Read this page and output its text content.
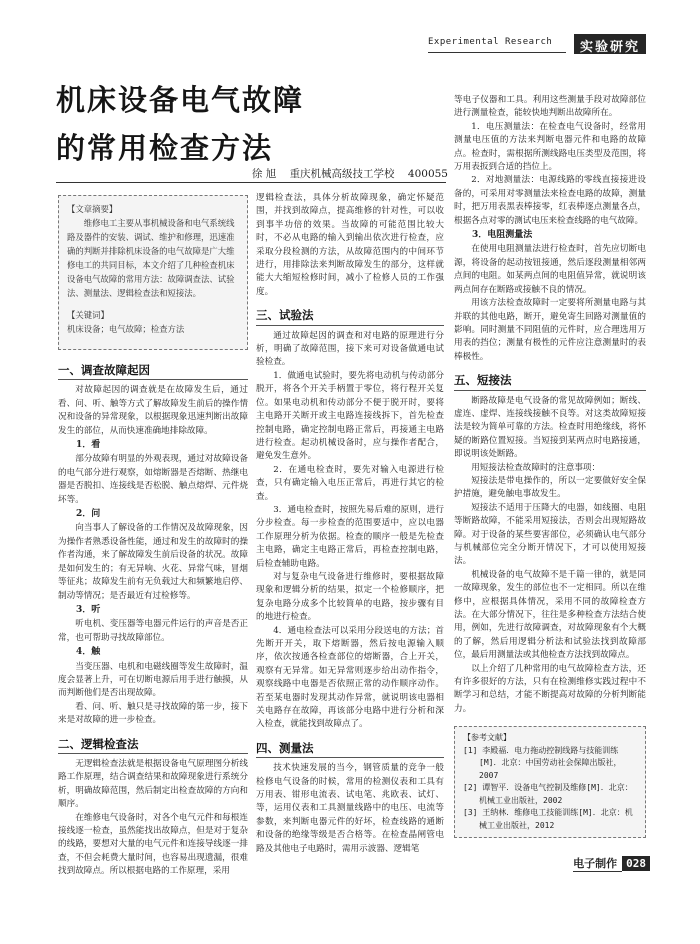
Experimental Research	实验研究
机床设备电气故障
的常用检查方法
徐 旭 重庆机械高级技工学校 400055
【文章摘要】

维修电工主要从事机械设备和电气系统线路及器件的安装、调试、维护和修理，迅速准确的判断并排除机床设备的电气故障是广大维修电工的共同目标，本文介绍了几种检查机床设备电气故障的常用方法：故障调查法、试验法、测量法、逻辑检查法和短接法。

【关键词】
机床设备；电气故障；检查方法
一、调查故障起因

对故障起因的调查就是在故障发生后，通过看、问、听、触等方式了解故障发生前后的操作情况和设备的异常现象，以根据现象迅速判断出故障发生的部位，从而快速准确地排除故障。

1．看

部分故障有明显的外观表现，通过对故障设备的电气部分进行观察，如熔断器是否熔断、热继电器是否脱扣、连接线是否松脱、触点熔焊、元件烧坏等。

2．问

向当事人了解设备的工作情况及故障现象，因为操作者熟悉设备性能，通过和发生的故障时的操作者沟通，来了解故障发生前后设备的状况。故障是如何发生的；有无异响、火花、异常气味，冒烟等征兆；故障发生前有无负载过大和频繁地启停、制动等情况；是否最近有过检修等。

3．听

听电机、变压器等电器元件运行的声音是否正常，也可帮助寻找故障部位。

4．触

当变压器、电机和电磁线圈等发生故障时，温度会显著上升，可在切断电源后用手进行触摸，从而判断他们是否出现故障。

看、问、听、触只是寻找故障的第一步，接下来是对故障的进一步检查。

二、逻辑检查法

无逻辑检查法就是根据设备电气原理图分析线路工作原理，结合调查结果和故障现象进行系统分析，明确故障范围，然后制定出检查故障的方向和顺序。

在维修电气设备时，对各个电气元件和每根连接线逐一检查，虽然能找出故障点，但是对于复杂的线路，要想对大量的电气元件和连接导线逐一排查，不但会耗费大量时间，也容易出现遗漏，很难找到故障点。所以根据电路的工作原理，采用

逻辑检查法，具体分析故障现象，确定怀疑范围，并找到故障点，提高维修的针对性，可以收到事半功倍的效果。当故障的可能范围比较大时，不必从电路的输入到输出依次进行检查，应采取分段检测的方法，从故障范围内的中间环节进行，用排除法来判断故障发生的部分，这样就能大大缩短检修时间，减小了检修人员的工作强度。

三、试验法

通过故障起因的调查和对电路的原理进行分析，明确了故障范围，接下来可对设备做通电试验检查。

1．做通电试验时，要先将电动机与传动部分脱开，将各个开关手柄置于零位，将行程开关复位。如果电动机和传动部分不便于脱开时，要将主电路开关断开或主电路连接线拆下，首先检查控制电路，确定控制电路正常后，再接通主电路进行检查。起动机械设备时，应与操作者配合，避免发生意外。

2．在通电检查时，要先对输入电源进行检查，只有确定输入电压正常后，再进行其它的检查。

3．通电检查时，按照先易后难的原则，进行分步检查。每一步检查的范围要适中，应以电器工作原理分析为依据。检查的顺序一般是先检查主电路，确定主电路正常后，再检查控制电路，后检查辅助电路。

对与复杂电气设备进行维修时，要根据故障现象和逻辑分析的结果，拟定一个检修顺序，把复杂电路分成多个比较简单的电路，按步骤有目的地进行检查。

4．通电检查法可以采用分段送电的方法；首先断开开关，取下熔断器，然后按电源输入顺序，依次按通各检查部位的熔断器，合上开关，观察有无异常。如无异常则逐步给出动作指令，观察线路中电器是否依照正常的动作顺序动作。若至某电器时发现其动作异常，就说明该电器相关电路存在故障，再该部分电路中进行分析和深入检查，就能找到故障点了。

四、测量法

技术快速发展的当今，钢管质量的竞争一般检修电气设备的时候，常用的检测仪表和工具有万用表、钳形电流表、试电笔、兆欧表、试灯、等，运用仪表和工具测量线路中的电压、电流等参数，来判断电器元件的好坏，检查线路的通断和设备的绝缘等级是否合格等。在检查晶闸管电路及其他电子电路时，需用示波器、逻辑笔

等电子仪器和工具。利用这些测量手段对故障部位进行测量检查，能较快地判断出故障所在。

1．电压测量法：在检查电气设备时，经常用测量电压值的方法来判断电器元件和电路的故障点。检查时，需根据所测线路电压类型及范围，将万用表扳到合适的挡位上。

2．对地测量法：电源线路的零线直接接进设备的，可采用对零测量法来检查电路的故障，测量时，把万用表黑表棒接零，红表棒逐点测量各点，根据各点对零的测试电压来检查线路的电气故障。

3．电阻测量法

在使用电阻测量法进行检查时，首先应切断电源，将设备的起动按钮接通，然后逐段测量相邻两点间的电阻。如某两点间的电阻值异常，就说明该两点间存在断路或接触不良的情况。

用该方法检查故障时一定要将所测量电路与其并联的其他电路，断开，避免寄生回路对测量值的影响。同时测量不同阻值的元件时，应合理选用万用表的挡位；测量有极性的元件应注意测量时的表棒极性。

五、短接法

断路故障是电气设备的常见故障例如；断线、虚连、虚焊、连接线接触不良等。对这类故障短接法是较为简单可靠的方法。检查时用绝缘线，将怀疑的断路位置短接。当短接到某两点时电路接通，即说明该处断路。

用短接法检查故障时的注意事项：

短接法是带电操作的，所以一定要做好安全保护措施，避免触电事故发生。

短接法不适用于压降大的电器，如线圈、电阻等断路故障，不能采用短接法，否则会出现短路故障。对于设备的某些要害部位，必须确认电气部分与机械部位完全分断开情况下，才可以使用短接法。

机械设备的电气故障不是千篇一律的，就是同一故障现象，发生的部位也不一定相同。所以在维修中，应根据具体情况，采用不同的故障检查方法。在大部分情况下，往往是多种检查方法结合使用，例如，先进行故障调查，对故障现象有个大概的了解，然后用逻辑分析法和试验法找到故障部位，最后用测量法或其他检查方法找到故障点。

以上介绍了几种常用的电气故障检查方法，还有许多很好的方法，只有在检测维修实践过程中不断学习和总结，才能不断提高对故障的分析判断能力。

【参考文献】
[1] 李殿福．电力拖动控制线路与技能训练[M]．北京：中国劳动社会保障出版社，2007
[2] 谭智平．设备电气控制及维修[M]．北京：机械工业出版社，2002
[3] 王纳林．维修电工技能训练[M]．北京：机械工业出版社，2012
电子制作 028
